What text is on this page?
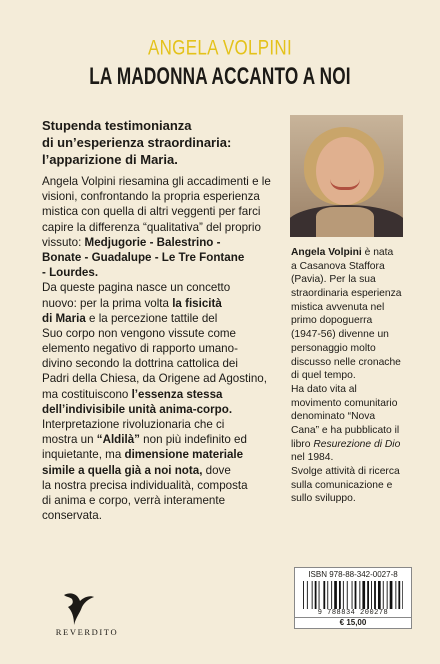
ANGELA VOLPINI
LA MADONNA ACCANTO A NOI
Stupenda testimonianza
di un’esperienza straordinaria:
l’apparizione di Maria.
Angela Volpini riesamina gli accadimenti e le
visioni, confrontando la propria esperienza
mistica con quella di altri veggenti per farci
capire la differenza “qualitativa” del proprio
vissuto: Medjugorie - Balestrino -
Bonate - Guadalupe - Le Tre Fontane
- Lourdes.
Da queste pagina nasce un concetto
nuovo: per la prima volta la fisicità
di Maria e la percezione tattile del
Suo corpo non vengono vissute come
elemento negativo di rapporto umano-
divino secondo la dottrina cattolica dei
Padri della Chiesa, da Origene ad Agostino,
ma costituiscono l’essenza stessa
dell’indivisibile unità anima-corpo.
Interpretazione rivoluzionaria che ci
mostra un “Aldilà” non più indefinito ed
inquietante, ma dimensione materiale
simile a quella già a noi nota, dove
la nostra precisa individualità, composta
di anima e corpo, verrà interamente
conservata.
Angela Volpini è nata
a Casanova Staffora
(Pavia). Per la sua
straordinaria esperienza
mistica avvenuta nel
primo dopoguerra
(1947-56) divenne un
personaggio molto
discusso nelle cronache
di quel tempo.
Ha dato vita al
movimento comunitario
denominato “Nova
Cana” e ha pubblicato il
libro Resurezione di Dio
nel 1984.
Svolge attività di ricerca
sulla comunicazione e
sullo sviluppo.
ISBN 978-88-342-0027-8
9 788834 200278
€ 15,00
REVERDITO
